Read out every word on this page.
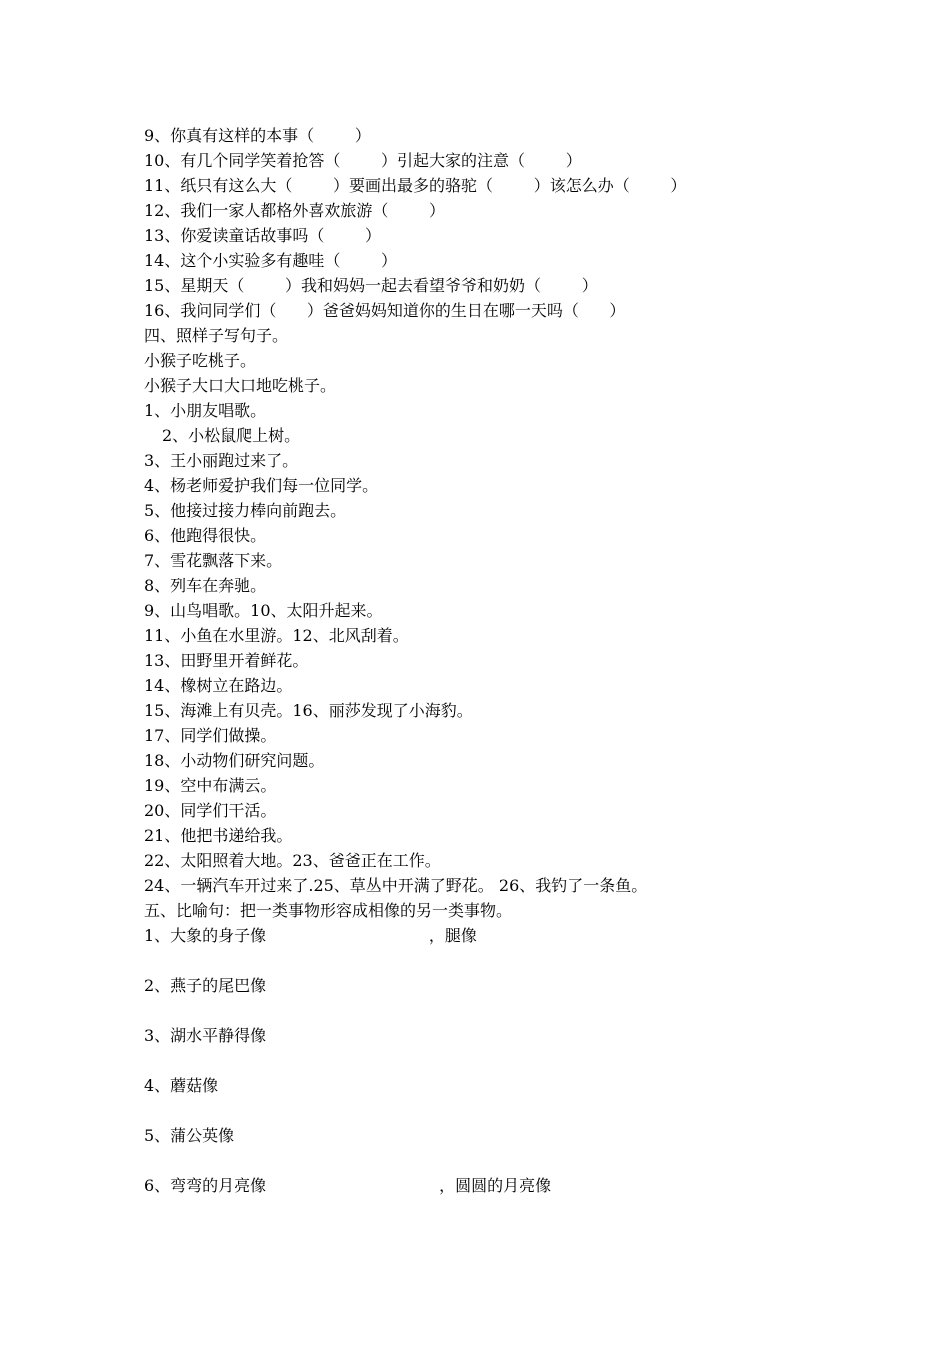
9、你真有这样的本事（        ）

10、有几个同学笑着抢答（        ）引起大家的注意（        ）

11、纸只有这么大（        ）要画出最多的骆驼（        ）该怎么办（        ）

12、我们一家人都格外喜欢旅游（        ）

13、你爱读童话故事吗（        ）

14、这个小实验多有趣哇（        ）

15、星期天（        ）我和妈妈一起去看望爷爷和奶奶（        ）

16、我问同学们（      ）爸爸妈妈知道你的生日在哪一天吗（      ）

四、照样子写句子。

小猴子吃桃子。

小猴子大口大口地吃桃子。

1、小朋友唱歌。

2、小松鼠爬上树。

3、王小丽跑过来了。

4、杨老师爱护我们每一位同学。

5、他接过接力棒向前跑去。

6、他跑得很快。

7、雪花飘落下来。

8、列车在奔驰。

9、山鸟唱歌。10、太阳升起来。

11、小鱼在水里游。12、北风刮着。

13、田野里开着鲜花。

14、橡树立在路边。

15、海滩上有贝壳。16、丽莎发现了小海豹。

17、同学们做操。

18、小动物们研究问题。

19、空中布满云。

20、同学们干活。

21、他把书递给我。

22、太阳照着大地。23、爸爸正在工作。

24、一辆汽车开过来了.25、草丛中开满了野花。 26、我钓了一条鱼。

五、比喻句：把一类事物形容成相像的另一类事物。

1、大象的身子像                                ，腿像

2、燕子的尾巴像

3、湖水平静得像

4、蘑菇像

5、蒲公英像

6、弯弯的月亮像                                  ，圆圆的月亮像
